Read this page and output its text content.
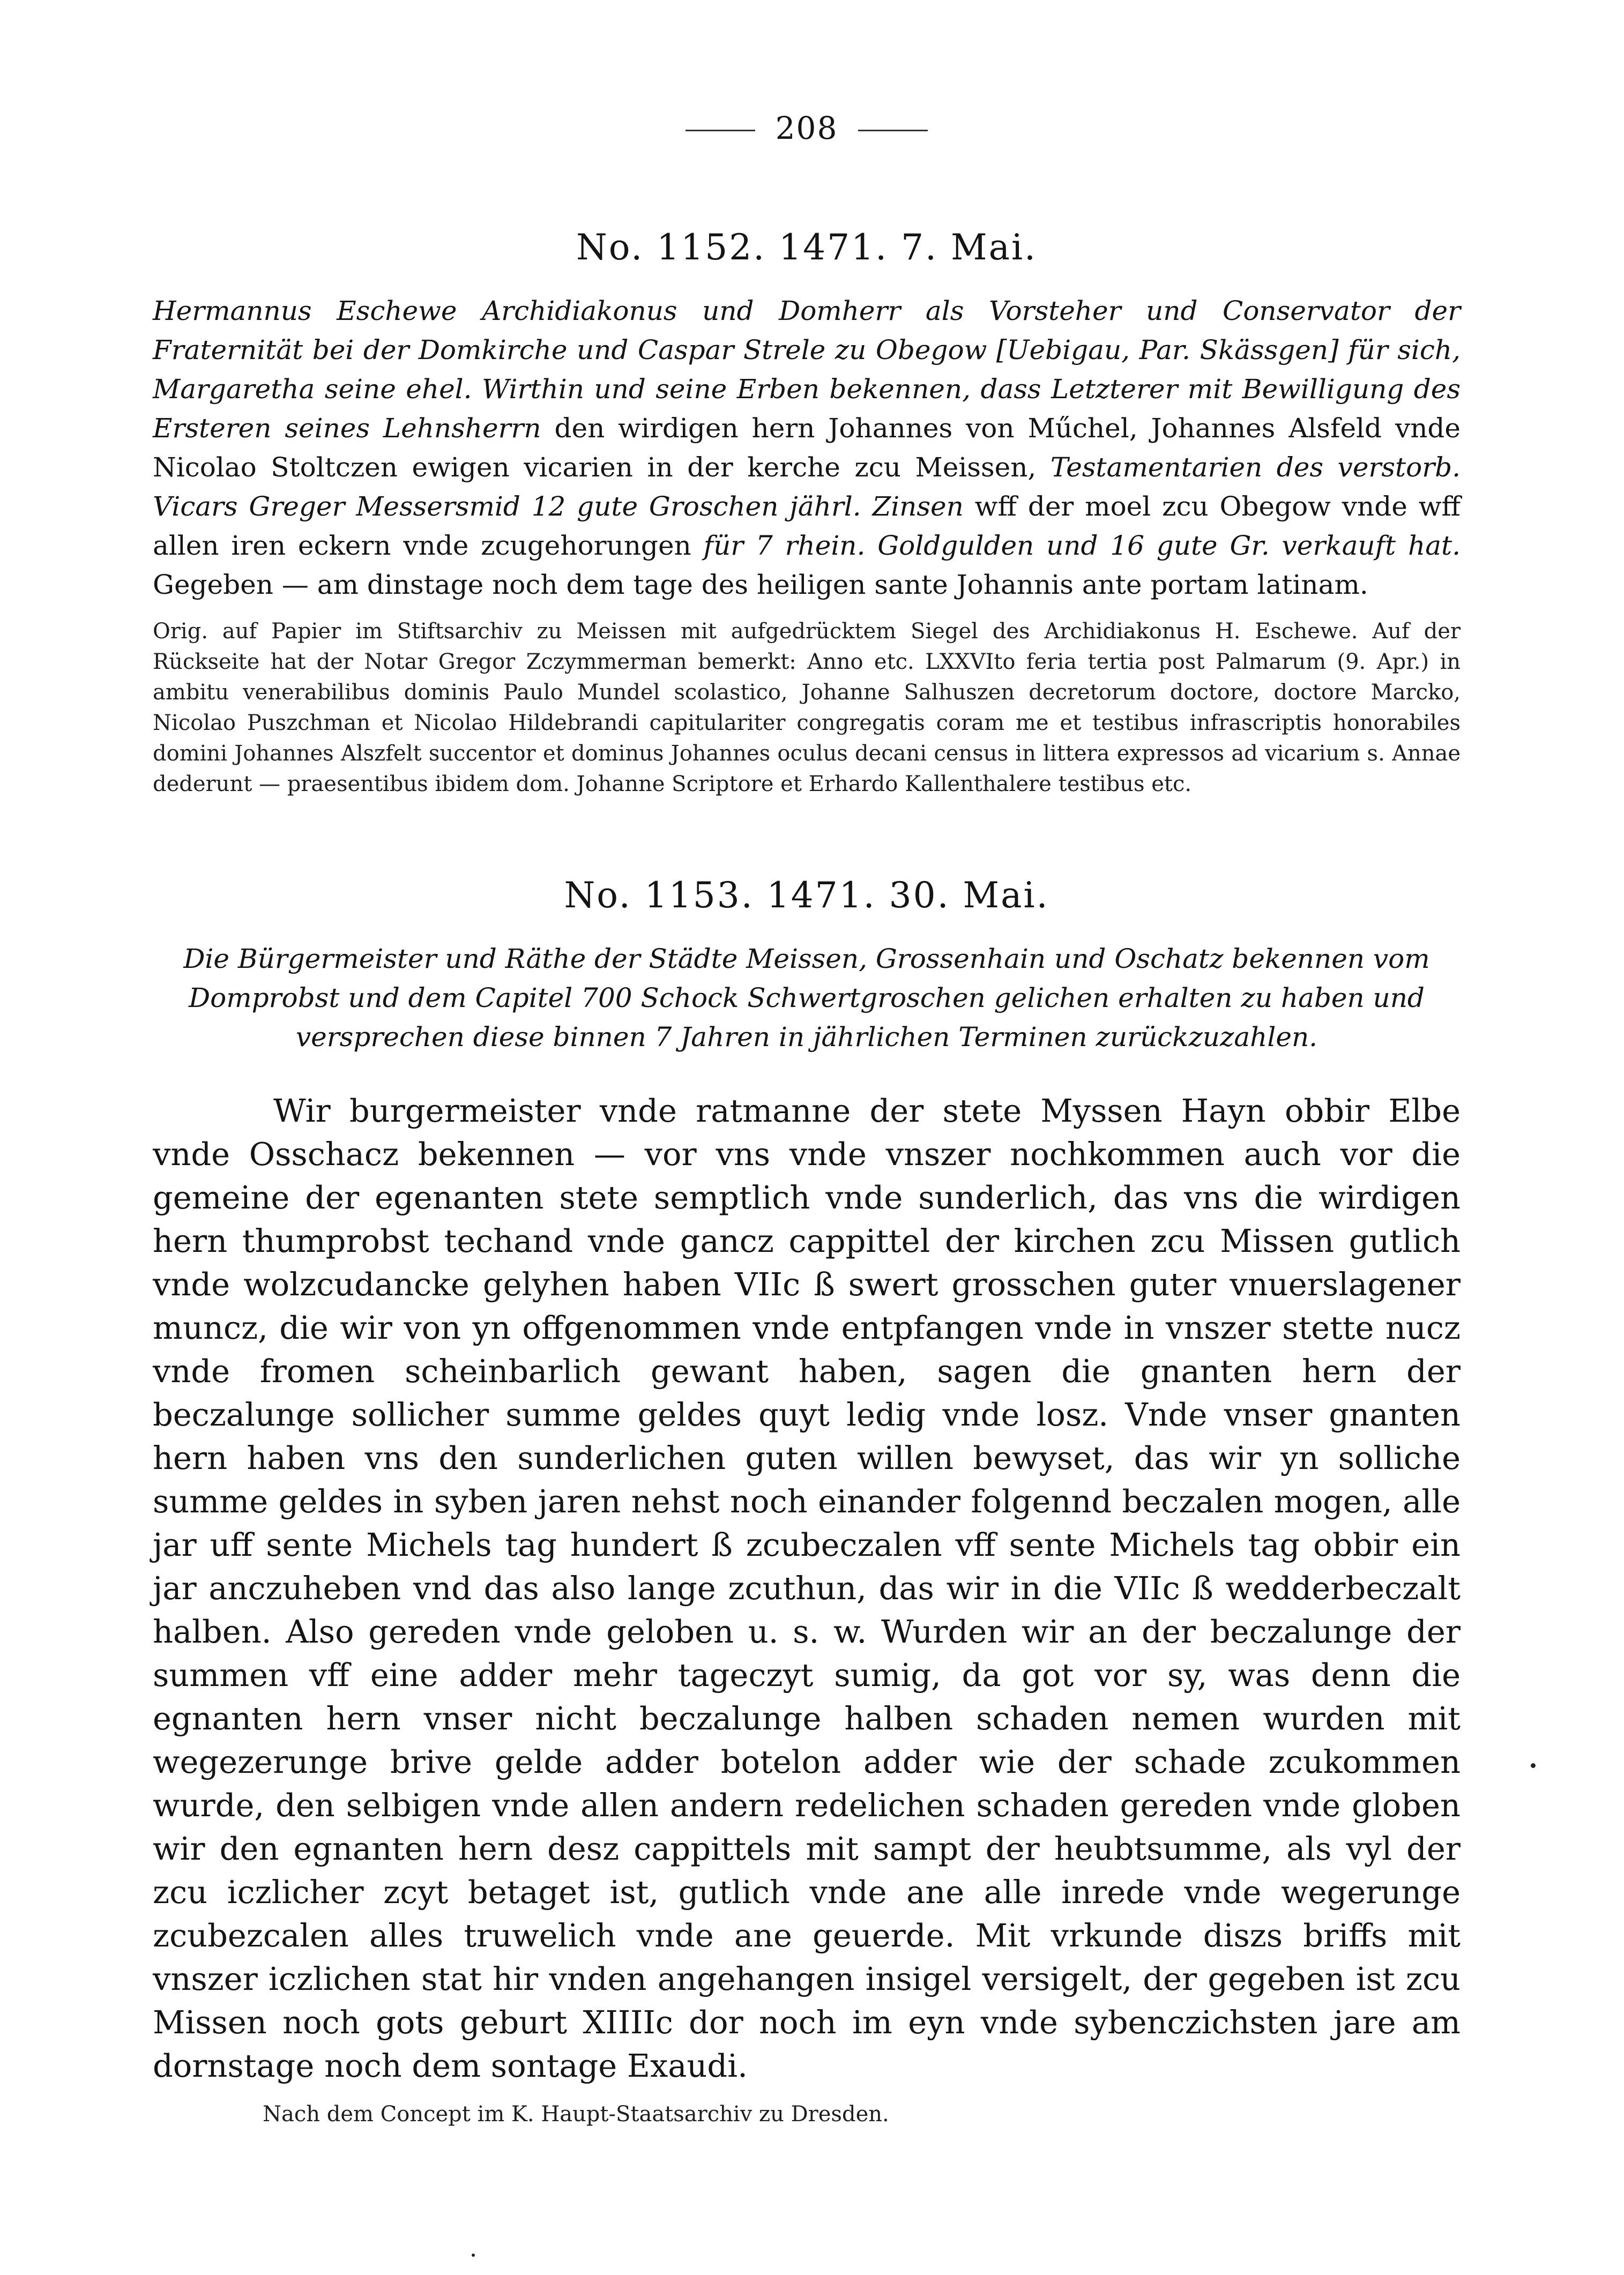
208
No. 1152. 1471. 7. Mai.

Hermannus Eschewe Archidiakonus und Domherr als Vorsteher und Conservator der Fraternität bei der Domkirche und Caspar Strele zu Obegow [Uebigau, Par. Skässgen] für sich, Margaretha seine ehel. Wirthin und seine Erben bekennen, dass Letzterer mit Bewilligung des Ersteren seines Lehnsherrn den wirdigen hern Johannes von Műchel, Johannes Alsfeld vnde Nicolao Stoltczen ewigen vicarien in der kerche zcu Meissen, Testamentarien des verstorb. Vicars Greger Messersmid 12 gute Groschen jährl. Zinsen wff der moel zcu Obegow vnde wff allen iren eckern vnde zcugehorungen für 7 rhein. Goldgulden und 16 gute Gr. verkauft hat. Gegeben — am dinstage noch dem tage des heiligen sante Johannis ante portam latinam.

Orig. auf Papier im Stiftsarchiv zu Meissen mit aufgedrücktem Siegel des Archidiakonus H. Eschewe. Auf der Rückseite hat der Notar Gregor Zczymmerman bemerkt: Anno etc. LXXVIto feria tertia post Palmarum (9. Apr.) in ambitu venerabilibus dominis Paulo Mundel scolastico, Johanne Salhuszen decretorum doctore, doctore Marcko, Nicolao Puszchman et Nicolao Hildebrandi capitulariter congregatis coram me et testibus infrascriptis honorabiles domini Johannes Alszfelt succentor et dominus Johannes oculus decani census in littera expressos ad vicarium s. Annae dederunt — praesentibus ibidem dom. Johanne Scriptore et Erhardo Kallenthalere testibus etc.

No. 1153. 1471. 30. Mai.

Die Bürgermeister und Räthe der Städte Meissen, Grossenhain und Oschatz bekennen vom Domprobst und dem Capitel 700 Schock Schwertgroschen gelichen erhalten zu haben und versprechen diese binnen 7 Jahren in jährlichen Terminen zurückzuzahlen.

Wir burgermeister vnde ratmanne der stete Myssen Hayn obbir Elbe vnde Osschacz bekennen — vor vns vnde vnszer nochkommen auch vor die gemeine der egenanten stete semptlich vnde sunderlich, das vns die wirdigen hern thumprobst techand vnde gancz cappittel der kirchen zcu Missen gutlich vnde wolzcudancke gelyhen haben VIIc ß swert grosschen guter vnuerslagener muncz, die wir von yn offgenommen vnde entpfangen vnde in vnszer stette nucz vnde fromen scheinbarlich gewant haben, sagen die gnanten hern der beczalunge sollicher summe geldes quyt ledig vnde losz. Vnde vnser gnanten hern haben vns den sunderlichen guten willen bewyset, das wir yn solliche summe geldes in syben jaren nehst noch einander folgennd beczalen mogen, alle jar uff sente Michels tag hundert ß zcubeczalen vff sente Michels tag obbir ein jar anczuheben vnd das also lange zcuthun, das wir in die VIIc ß wedderbeczalt halben. Also gereden vnde geloben u. s. w. Wurden wir an der beczalunge der summen vff eine adder mehr tageczyt sumig, da got vor sy, was denn die egnanten hern vnser nicht beczalunge halben schaden nemen wurden mit wegezerunge brive gelde adder botelon adder wie der schade zcukommen wurde, den selbigen vnde allen andern redelichen schaden gereden vnde globen wir den egnanten hern desz cappittels mit sampt der heubtsumme, als vyl der zcu iczlicher zcyt betaget ist, gutlich vnde ane alle inrede vnde wegerunge zcubezcalen alles truwelich vnde ane geuerde. Mit vrkunde diszs briffs mit vnszer iczlichen stat hir vnden angehangen insigel versigelt, der gegeben ist zcu Missen noch gots geburt XIIIIc dor noch im eyn vnde sybenczichsten jare am dornstage noch dem sontage Exaudi.

Nach dem Concept im K. Haupt-Staatsarchiv zu Dresden.
